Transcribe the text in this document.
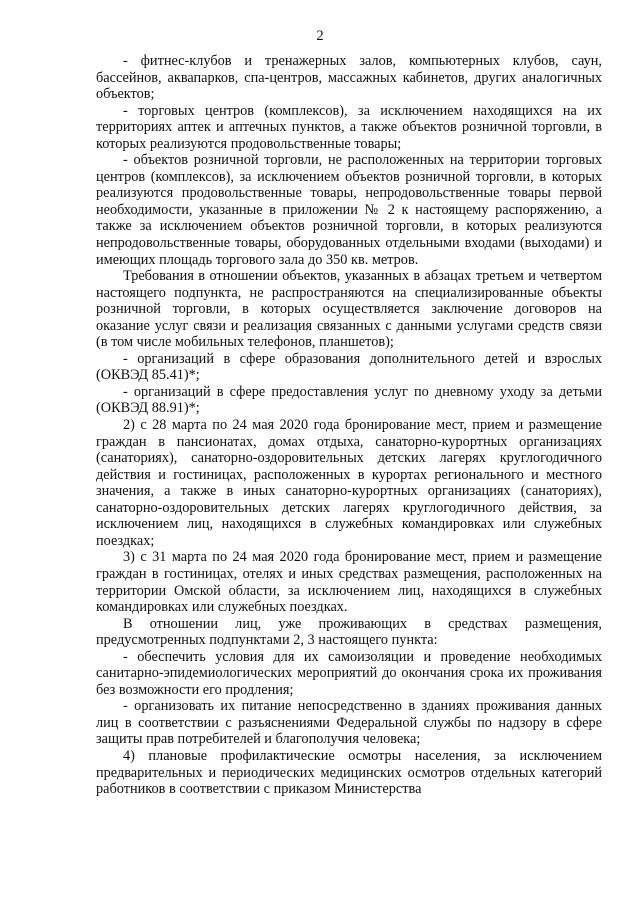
2

- фитнес-клубов и тренажерных залов, компьютерных клубов, саун, бассейнов, аквапарков, спа-центров, массажных кабинетов, других аналогичных объектов;

- торговых центров (комплексов), за исключением находящихся на их территориях аптек и аптечных пунктов, а также объектов розничной торговли, в которых реализуются продовольственные товары;

- объектов розничной торговли, не расположенных на территории торговых центров (комплексов), за исключением объектов розничной торговли, в которых реализуются продовольственные товары, непродовольственные товары первой необходимости, указанные в приложении № 2 к настоящему распоряжению, а также за исключением объектов розничной торговли, в которых реализуются непродовольственные товары, оборудованных отдельными входами (выходами) и имеющих площадь торгового зала до 350 кв. метров.

Требования в отношении объектов, указанных в абзацах третьем и четвертом настоящего подпункта, не распространяются на специализированные объекты розничной торговли, в которых осуществляется заключение договоров на оказание услуг связи и реализация связанных с данными услугами средств связи (в том числе мобильных телефонов, планшетов);

- организаций в сфере образования дополнительного детей и взрослых (ОКВЭД 85.41)*;

- организаций в сфере предоставления услуг по дневному уходу за детьми (ОКВЭД 88.91)*;

2) с 28 марта по 24 мая 2020 года бронирование мест, прием и размещение граждан в пансионатах, домах отдыха, санаторно-курортных организациях (санаториях), санаторно-оздоровительных детских лагерях круглогодичного действия и гостиницах, расположенных в курортах регионального и местного значения, а также в иных санаторно-курортных организациях (санаториях), санаторно-оздоровительных детских лагерях круглогодичного действия, за исключением лиц, находящихся в служебных командировках или служебных поездках;

3) с 31 марта по 24 мая 2020 года бронирование мест, прием и размещение граждан в гостиницах, отелях и иных средствах размещения, расположенных на территории Омской области, за исключением лиц, находящихся в служебных командировках или служебных поездках.

В отношении лиц, уже проживающих в средствах размещения, предусмотренных подпунктами 2, 3 настоящего пункта:

- обеспечить условия для их самоизоляции и проведение необходимых санитарно-эпидемиологических мероприятий до окончания срока их проживания без возможности его продления;

- организовать их питание непосредственно в зданиях проживания данных лиц в соответствии с разъяснениями Федеральной службы по надзору в сфере защиты прав потребителей и благополучия человека;

4) плановые профилактические осмотры населения, за исключением предварительных и периодических медицинских осмотров отдельных категорий работников в соответствии с приказом Министерства
